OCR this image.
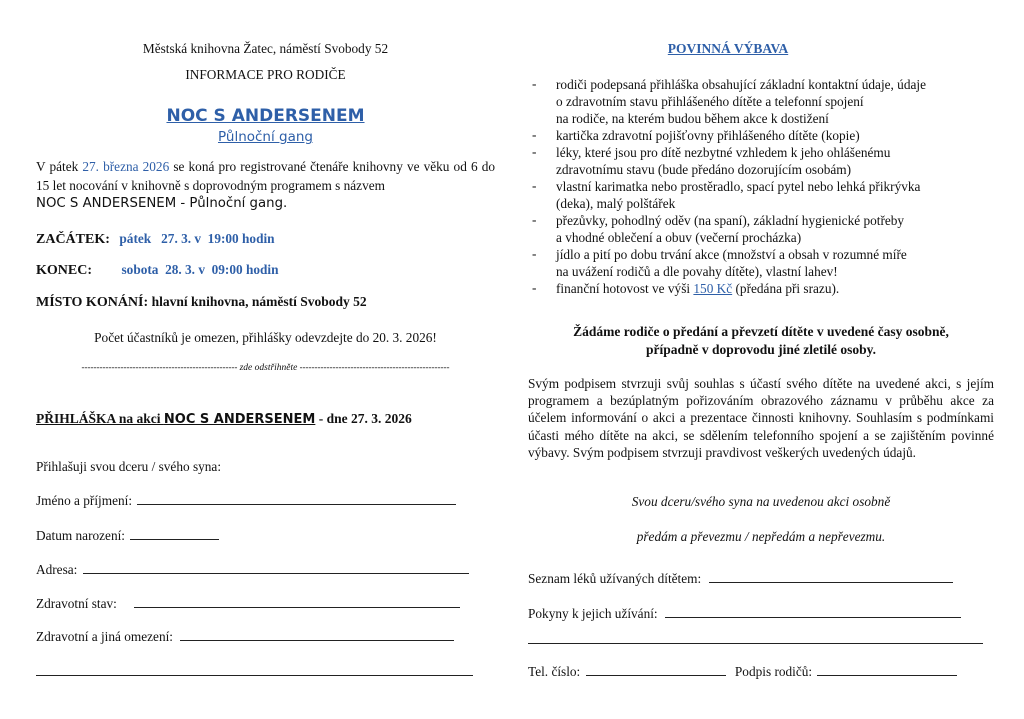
Městská knihovna Žatec, náměstí Svobody 52
INFORMACE PRO RODIČE
NOC S ANDERSENEM
Půlnoční gang
V pátek 27. března 2026 se koná pro registrované čtenáře knihovny ve věku od 6 do 15 let nocování v knihovně s doprovodným programem s názvem
NOC S ANDERSENEM - Půlnoční gang.
ZAČÁTEK: pátek   27. 3. v  19:00 hodin
KONEC: sobota  28. 3. v  09:00 hodin
MÍSTO KONÁNÍ: hlavní knihovna, náměstí Svobody 52
Počet účastníků je omezen, přihlášky odevzdejte do 20. 3. 2026!
---------------------------------------------------- zde odstřihněte --------------------------------------------------
PŘIHLÁŠKA na akci NOC S ANDERSENEM - dne 27. 3. 2026
Přihlašuji svou dceru / svého syna:
Jméno a příjmení:
Datum narození:
Adresa:
Zdravotní stav:
Zdravotní a jiná omezení:
POVINNÁ VÝBAVA
- rodiči podepsaná přihláška obsahující základní kontaktní údaje, údaje
o zdravotním stavu přihlášeného dítěte a telefonní spojení
na rodiče, na kterém budou během akce k dostižení
- kartička zdravotní pojišťovny přihlášeného dítěte (kopie)
- léky, které jsou pro dítě nezbytné vzhledem k jeho ohlášenému
zdravotnímu stavu (bude předáno dozorujícím osobám)
- vlastní karimatka nebo prostěradlo, spací pytel nebo lehká přikrývka
(deka), malý polštářek
- přezůvky, pohodlný oděv (na spaní), základní hygienické potřeby
a vhodné oblečení a obuv (večerní procházka)
- jídlo a pití po dobu trvání akce (množství a obsah v rozumné míře
na uvážení rodičů a dle povahy dítěte), vlastní lahev!
- finanční hotovost ve výši 150 Kč (předána při srazu).
Žádáme rodiče o předání a převzetí dítěte v uvedené časy osobně,
případně v doprovodu jiné zletilé osoby.
Svým podpisem stvrzuji svůj souhlas s účastí svého dítěte na uvedené akci, s jejím programem a bezúplatným pořizováním obrazového záznamu v průběhu akce za účelem informování o akci a prezentace činnosti knihovny. Souhlasím s podmínkami účasti mého dítěte na akci, se sdělením telefonního spojení a se zajištěním povinné výbavy. Svým podpisem stvrzuji pravdivost veškerých uvedených údajů.
Svou dceru/svého syna na uvedenou akci osobně
předám a převezmu / nepředám a nepřevezmu.
Seznam léků užívaných dítětem:
Pokyny k jejich užívání:
Tel. číslo:	Podpis rodičů:
